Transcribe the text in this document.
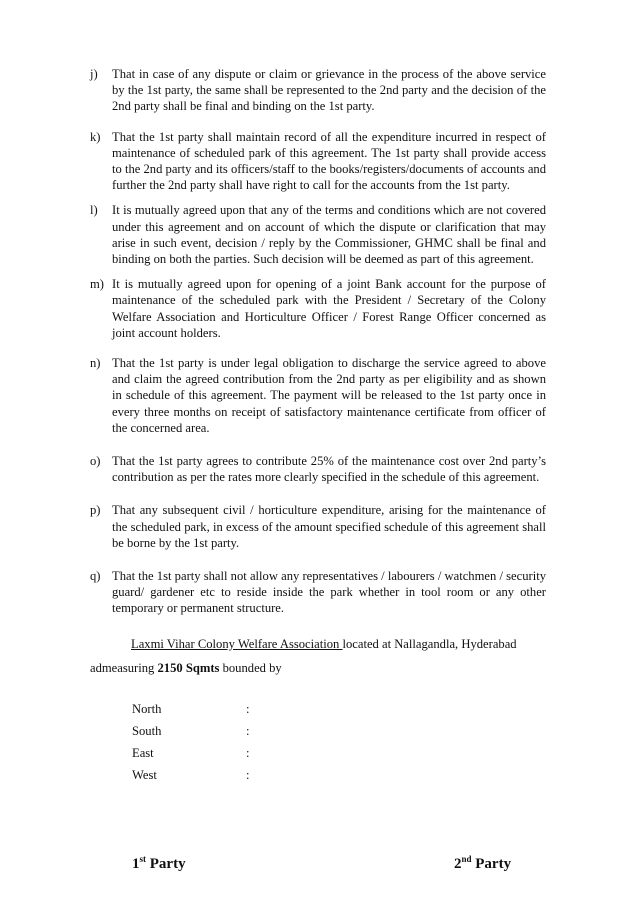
j) That in case of any dispute or claim or grievance in the process of the above service by the 1st party, the same shall be represented to the 2nd party and the decision of the 2nd party shall be final and binding on the 1st party.
k) That the 1st party shall maintain record of all the expenditure incurred in respect of maintenance of scheduled park of this agreement. The 1st party shall provide access to the 2nd party and its officers/staff to the books/registers/documents of accounts and further the 2nd party shall have right to call for the accounts from the 1st party.
l) It is mutually agreed upon that any of the terms and conditions which are not covered under this agreement and on account of which the dispute or clarification that may arise in such event, decision / reply by the Commissioner, GHMC shall be final and binding on both the parties. Such decision will be deemed as part of this agreement.
m) It is mutually agreed upon for opening of a joint Bank account for the purpose of maintenance of the scheduled park with the President / Secretary of the Colony Welfare Association and Horticulture Officer / Forest Range Officer concerned as joint account holders.
n) That the 1st party is under legal obligation to discharge the service agreed to above and claim the agreed contribution from the 2nd party as per eligibility and as shown in schedule of this agreement. The payment will be released to the 1st party once in every three months on receipt of satisfactory maintenance certificate from officer of the concerned area.
o) That the 1st party agrees to contribute 25% of the maintenance cost over 2nd party’s contribution as per the rates more clearly specified in the schedule of this agreement.
p) That any subsequent civil / horticulture expenditure, arising for the maintenance of the scheduled park, in excess of the amount specified schedule of this agreement shall be borne by the 1st party.
q) That the 1st party shall not allow any representatives / labourers / watchmen / security guard/ gardener etc to reside inside the park whether in tool room or any other temporary or permanent structure.
Laxmi Vihar Colony Welfare Association located at Nallagandla, Hyderabad
admeasuring 2150 Sqmts bounded by
North	:
South	:
East	:
West	:
1st Party	2nd Party
